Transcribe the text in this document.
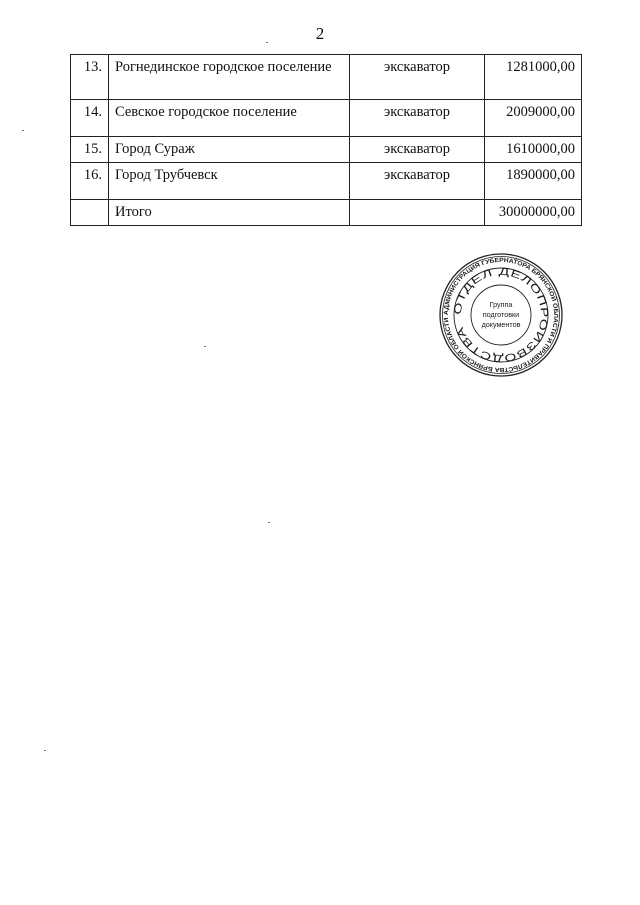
2
13.	Рогнединское городское поселение	экскаватор	1281000,00
14.	Севское городское поселение	экскаватор	2009000,00
15.	Город Сураж	экскаватор	1610000,00
16.	Город Трубчевск	экскаватор	1890000,00
	Итого		30000000,00
АДМИНИСТРАЦИЯ ГУБЕРНАТОРА БРЯНСКОЙ ОБЛАСТИ И ПРАВИТЕЛЬСТВА БРЯНСКОЙ ОБЛАСТИ
ОТДЕЛ ДЕЛОПРОИЗВОДСТВА
Группа
подготовки
документов
